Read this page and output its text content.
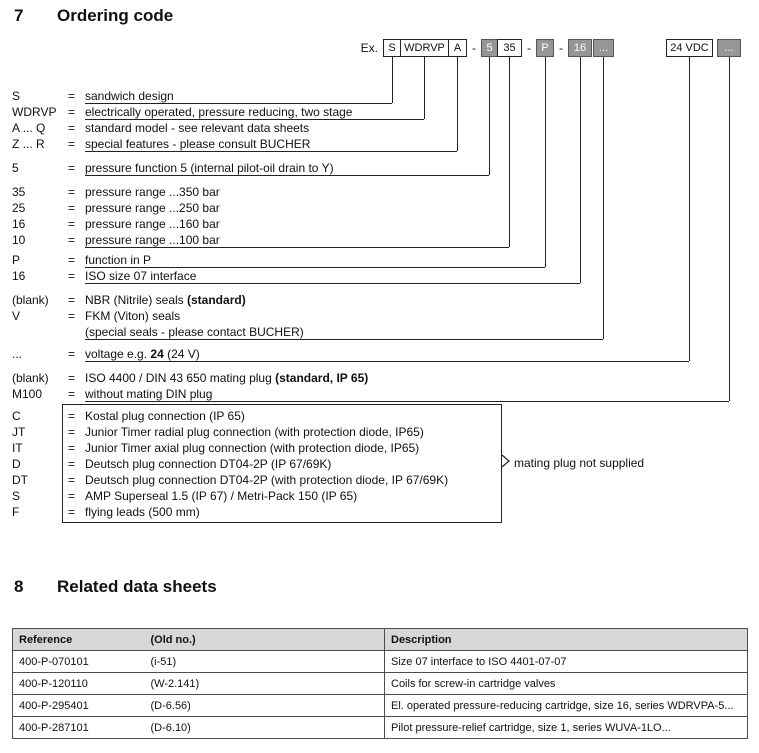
7 Ordering code
Ex. S WDRVP A - 5 35 - P - 16	...	24 VDC	...
S	= sandwich design
WDRVP = electrically operated, pressure reducing, two stage
A ... Q = standard model - see relevant data sheets
Z ... R = special features - please consult BUCHER
5	= pressure function 5 (internal pilot-oil drain to Y)
35	= pressure range ...350 bar
25	= pressure range ...250 bar
16	= pressure range ...160 bar
10	= pressure range ...100 bar
P	= function in P
16	= ISO size 07 interface
(blank) = NBR (Nitrile) seals (standard)
V	= FKM (Viton) seals
(special seals - please contact BUCHER)
...	= voltage e.g. 24 (24 V)
(blank) = ISO 4400 / DIN 43 650 mating plug (standard, IP 65)
M100 = without mating DIN plug
C	= Kostal plug connection (IP 65)
JT	= Junior Timer radial plug connection (with protection diode, IP65)
IT	= Junior Timer axial plug connection (with protection diode, IP65)
D	= Deutsch plug connection DT04-2P (IP 67/69K)
DT	= Deutsch plug connection DT04-2P (with protection diode, IP 67/69K)
S	= AMP Superseal 1.5 (IP 67) / Metri-Pack 150 (IP 65)
F	= flying leads (500 mm)
mating plug not supplied
8 Related data sheets
Reference	(Old no.)	Description
400-P-070101	(i-51)	Size 07 interface to ISO 4401-07-07
400-P-120110	(W-2.141)	Coils for screw-in cartridge valves
400-P-295401	(D-6.56)	El. operated pressure-reducing cartridge, size 16, series WDRVPA-5...
400-P-287101	(D-6.10)	Pilot pressure-relief cartridge, size 1, series WUVA-1LO...
